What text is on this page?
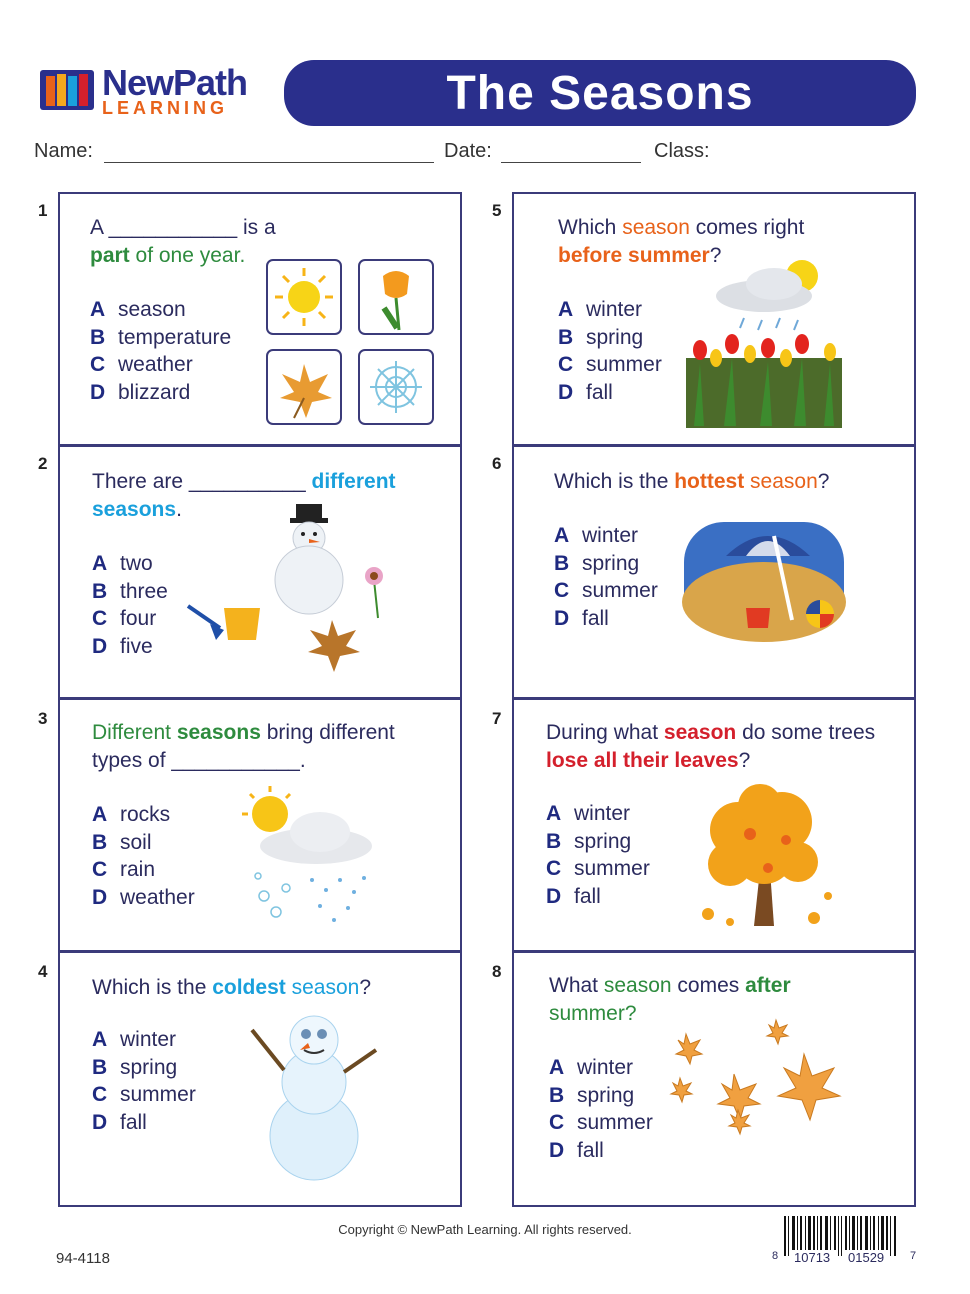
NewPath
LEARNING	The Seasons
Name:	Date:	Class:
1
A ___________ is a part of one year.
A season
B temperature
C weather
D blizzard
2
There are __________ different seasons.
A two
B three
C four
D five
3
Different seasons bring different types of ___________.
A rocks
B soil
C rain
D weather
4
Which is the coldest season?
A winter
B spring
C summer
D fall
5
Which season comes right before summer?
A winter
B spring
C summer
D fall
6
Which is the hottest season?
A winter
B spring
C summer
D fall
7
During what season do some trees lose all their leaves?
A winter
B spring
C summer
D fall
8
What season comes after summer?
A winter
B spring
C summer
D fall
Copyright © NewPath Learning. All rights reserved.
94-4118	8 10713 01529 7
